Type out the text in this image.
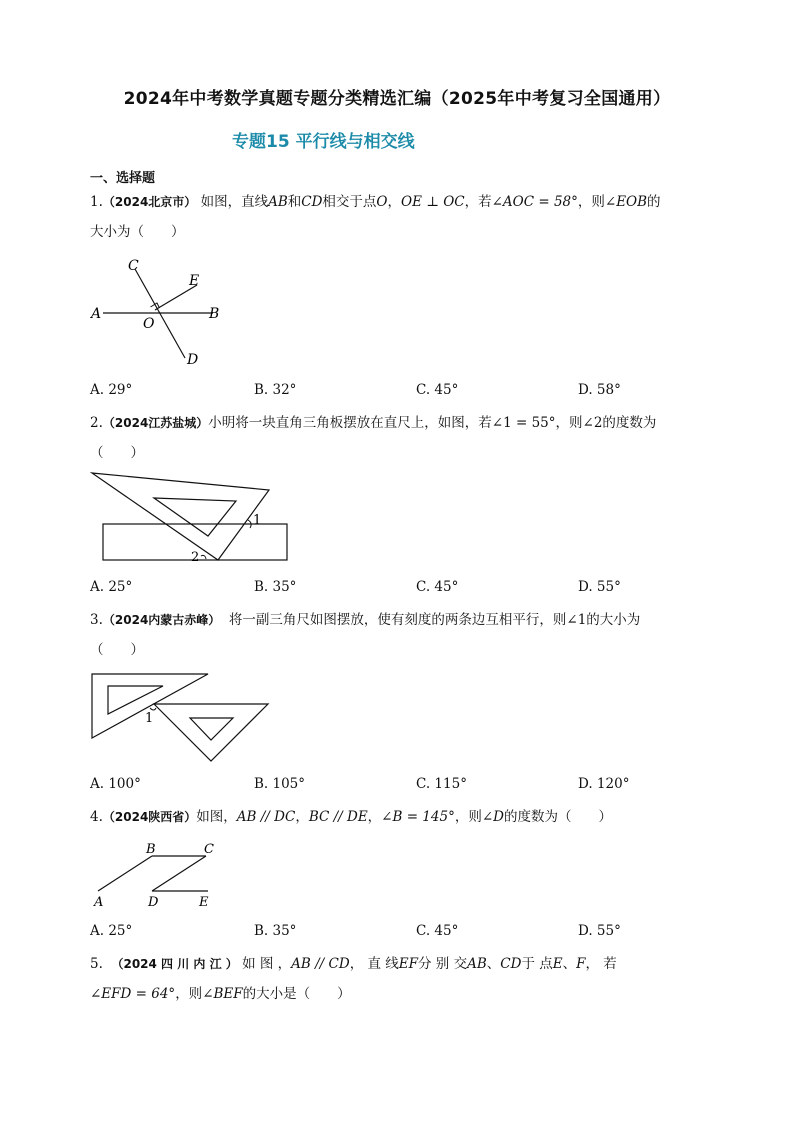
2024年中考数学真题专题分类精选汇编（2025年中考复习全国通用）
专题15 平行线与相交线
一、选择题
1.（2024北京市） 如图，直线AB和CD相交于点O，OE ⊥ OC，若∠AOC = 58°，则∠EOB的
大小为（　　）
C
E
A
O
B
D
A. 29°	B. 32°	C. 45°	D. 58°
2.（2024江苏盐城）小明将一块直角三角板摆放在直尺上，如图，若∠1 = 55°，则∠2的度数为
（　　）
1
2
A. 25°	B. 35°	C. 45°	D. 55°
3.（2024内蒙古赤峰） 将一副三角尺如图摆放，使有刻度的两条边互相平行，则∠1的大小为
（　　）
1
A. 100°	B. 105°	C. 115°	D. 120°
4.（2024陕西省）如图，AB // DC，BC // DE，∠B = 145°，则∠D的度数为（　　）
A
B	C
D	E
A. 25°	B. 35°	C. 45°	D. 55°
5. （2024 四 川 内 江 ） 如 图 ，AB // CD， 直 线EF分 别 交AB、CD于 点E、F， 若
∠EFD = 64°，则∠BEF的大小是（　　）
